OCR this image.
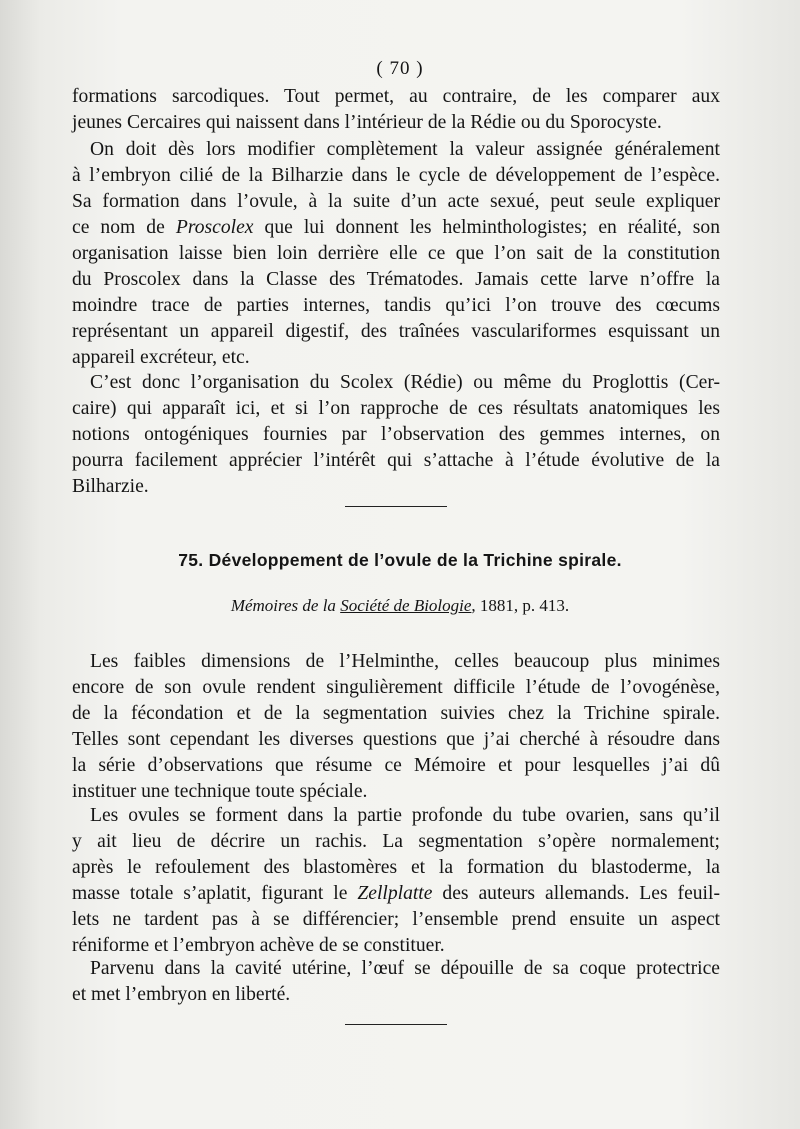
( 70 )
formations sarcodiques. Tout permet, au contraire, de les comparer aux
jeunes Cercaires qui naissent dans l’intérieur de la Rédie ou du Sporocyste.
On doit dès lors modifier complètement la valeur assignée généralement
à l’embryon cilié de la Bilharzie dans le cycle de développement de l’espèce.
Sa formation dans l’ovule, à la suite d’un acte sexué, peut seule expliquer
ce nom de Proscolex que lui donnent les helminthologistes; en réalité, son
organisation laisse bien loin derrière elle ce que l’on sait de la constitution
du Proscolex dans la Classe des Trématodes. Jamais cette larve n’offre la
moindre trace de parties internes, tandis qu’ici l’on trouve des cœcums
représentant un appareil digestif, des traînées vasculariformes esquissant un
appareil excréteur, etc.
C’est donc l’organisation du Scolex (Rédie) ou même du Proglottis (Cer-
caire) qui apparaît ici, et si l’on rapproche de ces résultats anatomiques les
notions ontogéniques fournies par l’observation des gemmes internes, on
pourra facilement apprécier l’intérêt qui s’attache à l’étude évolutive de la
Bilharzie.
75. Développement de l’ovule de la Trichine spirale.
Mémoires de la Société de Biologie, 1881, p. 413.
Les faibles dimensions de l’Helminthe, celles beaucoup plus minimes
encore de son ovule rendent singulièrement difficile l’étude de l’ovogénèse,
de la fécondation et de la segmentation suivies chez la Trichine spirale.
Telles sont cependant les diverses questions que j’ai cherché à résoudre dans
la série d’observations que résume ce Mémoire et pour lesquelles j’ai dû
instituer une technique toute spéciale.
Les ovules se forment dans la partie profonde du tube ovarien, sans qu’il
y ait lieu de décrire un rachis. La segmentation s’opère normalement;
après le refoulement des blastomères et la formation du blastoderme, la
masse totale s’aplatit, figurant le Zellplatte des auteurs allemands. Les feuil-
lets ne tardent pas à se différencier; l’ensemble prend ensuite un aspect
réniforme et l’embryon achève de se constituer.
Parvenu dans la cavité utérine, l’œuf se dépouille de sa coque protectrice
et met l’embryon en liberté.
